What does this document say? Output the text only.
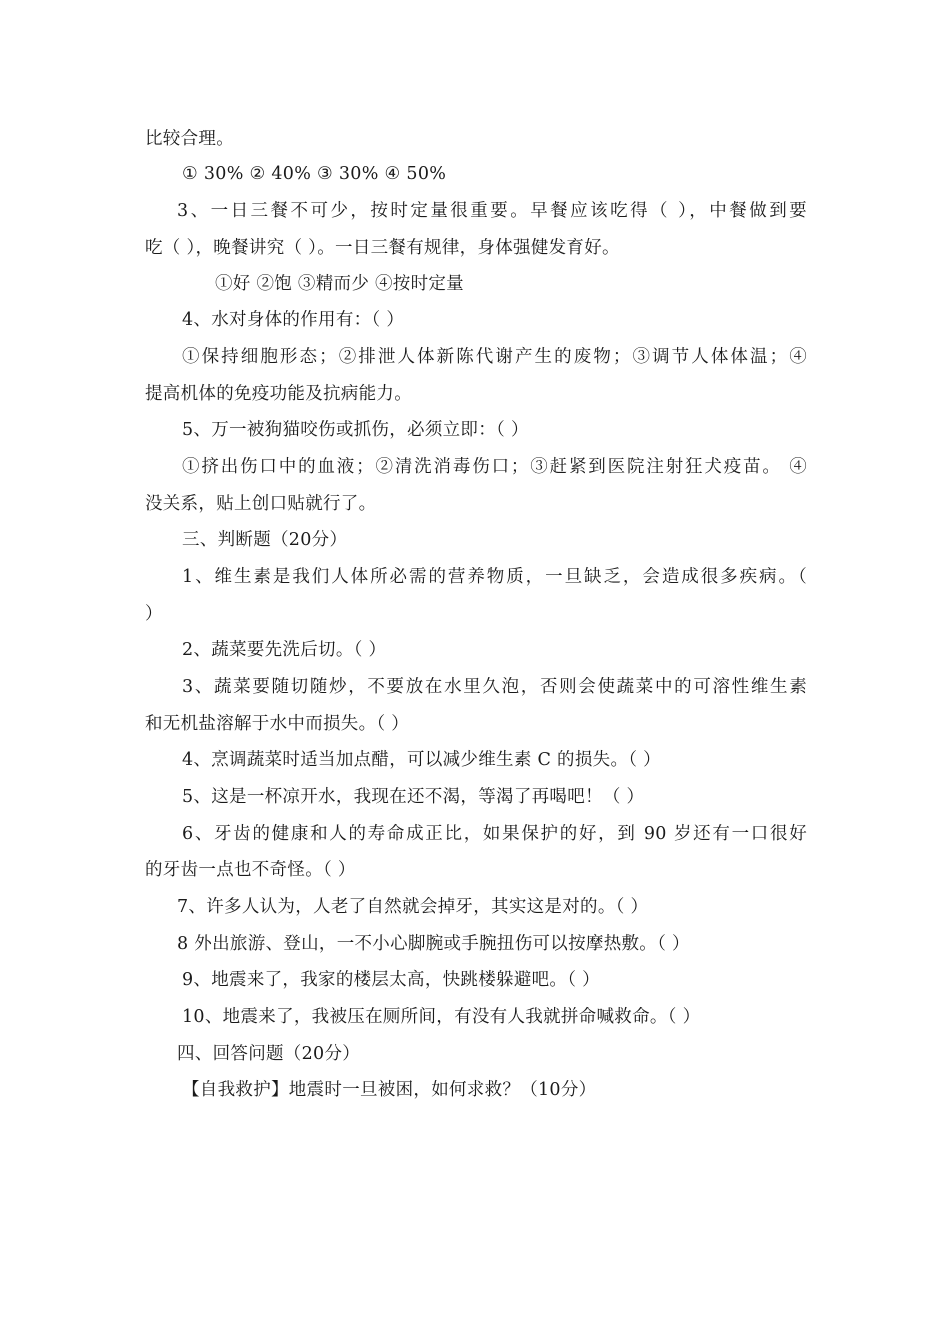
比较合理。
① 30% ② 40% ③ 30% ④ 50%
3、一日三餐不可少，按时定量很重要。早餐应该吃得（ ），中餐做到要
吃（ ），晚餐讲究（ ）。一日三餐有规律，身体强健发育好。
①好 ②饱 ③精而少 ④按时定量
4、水对身体的作用有：（ ）
①保持细胞形态；②排泄人体新陈代谢产生的废物；③调节人体体温；④
提高机体的免疫功能及抗病能力。
5、万一被狗猫咬伤或抓伤，必须立即：（ ）
①挤出伤口中的血液；②清洗消毒伤口；③赶紧到医院注射狂犬疫苗。 ④
没关系，贴上创口贴就行了。
三、判断题（20分）
1、维生素是我们人体所必需的营养物质，一旦缺乏，会造成很多疾病。（
）
2、蔬菜要先洗后切。（ ）
3、蔬菜要随切随炒，不要放在水里久泡，否则会使蔬菜中的可溶性维生素
和无机盐溶解于水中而损失。（ ）
4、烹调蔬菜时适当加点醋，可以减少维生素 C 的损失。（ ）
5、这是一杯凉开水，我现在还不渴，等渴了再喝吧！（ ）
6、牙齿的健康和人的寿命成正比，如果保护的好，到 90 岁还有一口很好
的牙齿一点也不奇怪。（ ）
7、许多人认为，人老了自然就会掉牙，其实这是对的。（ ）
8 外出旅游、登山，一不小心脚腕或手腕扭伤可以按摩热敷。（ ）
9、地震来了，我家的楼层太高，快跳楼躲避吧。（ ）
10、地震来了，我被压在厕所间，有没有人我就拼命喊救命。（ ）
四、回答问题（20分）
【自我救护】地震时一旦被困，如何求救？（10分）
